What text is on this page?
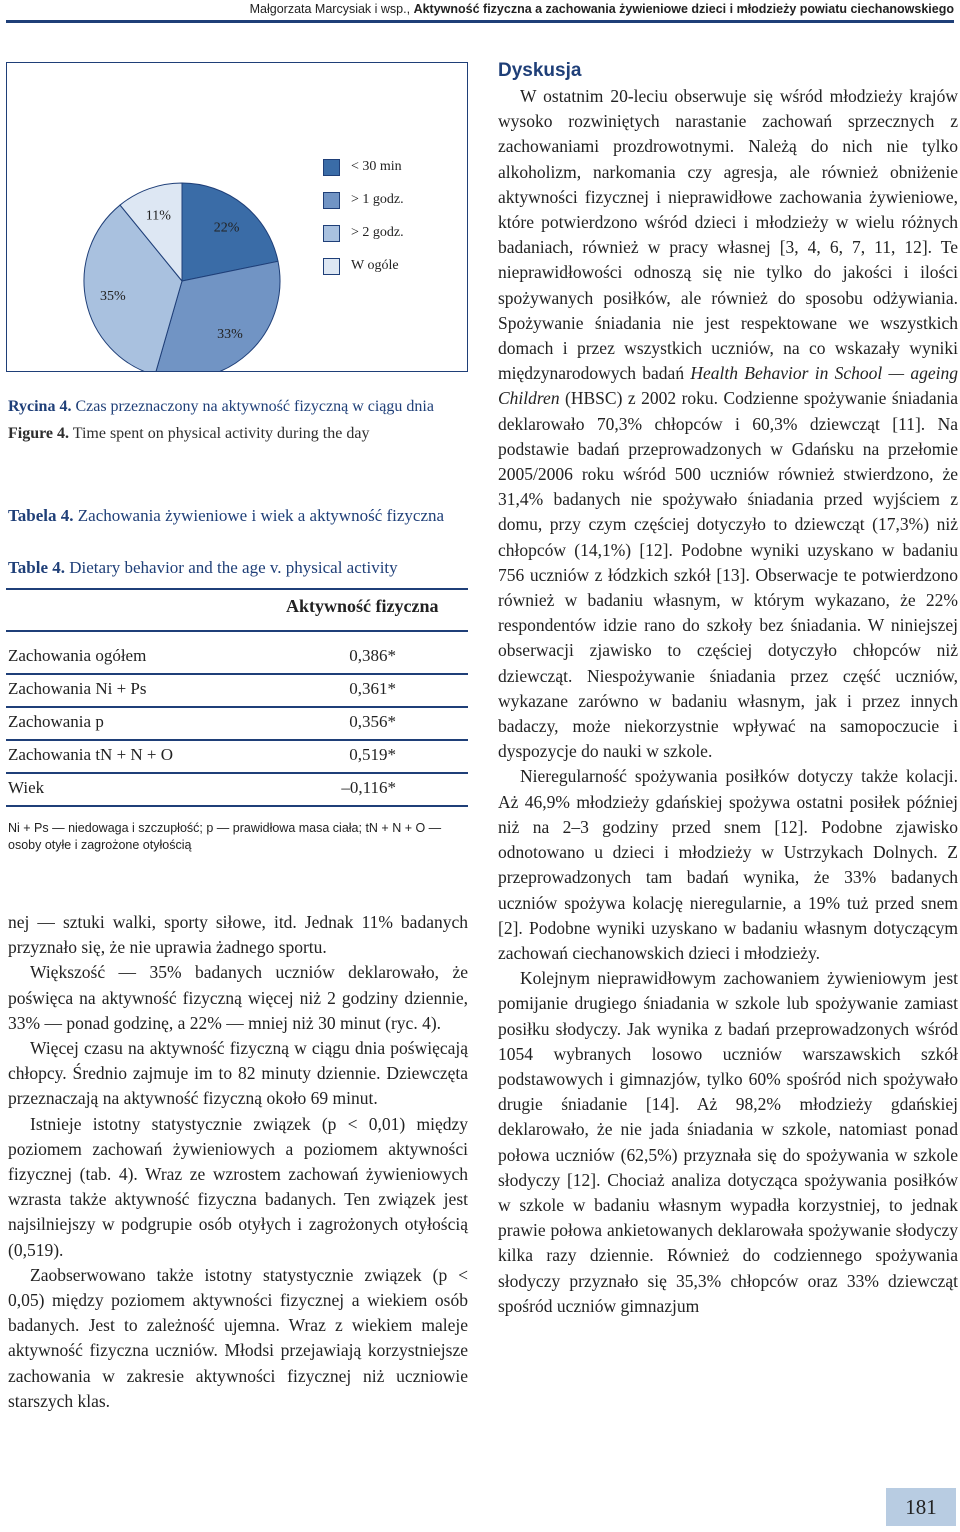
Małgorzata Marcysiak i wsp., Aktywność fizyczna a zachowania żywieniowe dzieci i młodzieży powiatu ciechanowskiego
22%
33%
35%
11%
< 30 min
> 1 godz.
> 2 godz.
W ogóle
Rycina 4. Czas przeznaczony na aktywność fizyczną w ciągu dnia
Figure 4. Time spent on physical activity during the day
Tabela 4. Zachowania żywieniowe i wiek a aktywność fizyczna
Table 4. Dietary behavior and the age v. physical activity
Aktywność fizyczna
Zachowania ogółem	0,386*
Zachowania Ni + Ps	0,361*
Zachowania p	0,356*
Zachowania tN + N + O	0,519*
Wiek	–0,116*
Ni + Ps — niedowaga i szczupłość; p — prawidłowa masa ciała; tN + N + O — osoby otyłe i zagrożone otyłością

nej — sztuki walki, sporty siłowe, itd. Jednak 11% badanych przyznało się, że nie uprawia żadnego sportu.

Większość — 35% badanych uczniów deklarowało, że poświęca na aktywność fizyczną więcej niż 2 godziny dziennie, 33% — ponad godzinę, a 22% — mniej niż 30 minut (ryc. 4).

Więcej czasu na aktywność fizyczną w ciągu dnia poświęcają chłopcy. Średnio zajmuje im to 82 minuty dziennie. Dziewczęta przeznaczają na aktywność fizyczną około 69 minut.

Istnieje istotny statystycznie związek (p < 0,01) między poziomem zachowań żywieniowych a poziomem aktywności fizycznej (tab. 4). Wraz ze wzrostem zachowań żywieniowych wzrasta także aktywność fizyczna badanych. Ten związek jest najsilniejszy w podgrupie osób otyłych i zagrożonych otyłością (0,519).

Zaobserwowano także istotny statystycznie związek (p < 0,05) między poziomem aktywności fizycznej a wiekiem osób badanych. Jest to zależność ujemna. Wraz z wiekiem maleje aktywność fizyczna uczniów. Młodsi przejawiają korzystniejsze zachowania w zakresie aktywności fizycznej niż uczniowie starszych klas.

Dyskusja

W ostatnim 20-leciu obserwuje się wśród młodzieży krajów wysoko rozwiniętych narastanie zachowań sprzecznych z zachowaniami prozdrowotnymi. Należą do nich nie tylko alkoholizm, narkomania czy agresja, ale również obniżenie aktywności fizycznej i nieprawidłowe zachowania żywieniowe, które potwierdzono wśród dzieci i młodzieży w wielu różnych badaniach, również w pracy własnej [3, 4, 6, 7, 11, 12]. Te nieprawidłowości odnoszą się nie tylko do jakości i ilości spożywanych posiłków, ale również do sposobu odżywiania. Spożywanie śniadania nie jest respektowane we wszystkich domach i przez wszystkich uczniów, na co wskazały wyniki międzynarodowych badań Health Behavior in School — ageing Children (HBSC) z 2002 roku. Codzienne spożywanie śniadania deklarowało 70,3% chłopców i 60,3% dziewcząt [11]. Na podstawie badań przeprowadzonych w Gdańsku na przełomie 2005/2006 roku wśród 500 uczniów również stwierdzono, że 31,4% badanych nie spożywało śniadania przed wyjściem z domu, przy czym częściej dotyczyło to dziewcząt (17,3%) niż chłopców (14,1%) [12]. Podobne wyniki uzyskano w badaniu 756 uczniów z łódzkich szkół [13]. Obserwacje te potwierdzono również w badaniu własnym, w którym wykazano, że 22% respondentów idzie rano do szkoły bez śniadania. W niniejszej obserwacji zjawisko to częściej dotyczyło chłopców niż dziewcząt. Niespożywanie śniadania przez część uczniów, wykazane zarówno w badaniu własnym, jak i przez innych badaczy, może niekorzystnie wpływać na samopoczucie i dyspozycje do nauki w szkole.

Nieregularność spożywania posiłków dotyczy także kolacji. Aż 46,9% młodzieży gdańskiej spożywa ostatni posiłek później niż na 2–3 godziny przed snem [12]. Podobne zjawisko odnotowano u dzieci i młodzieży w Ustrzykach Dolnych. Z przeprowadzonych tam badań wynika, że 33% badanych uczniów spożywa kolację nieregularnie, a 19% tuż przed snem [2]. Podobne wyniki uzyskano w badaniu własnym dotyczącym zachowań ciechanowskich dzieci i młodzieży.

Kolejnym nieprawidłowym zachowaniem żywieniowym jest pomijanie drugiego śniadania w szkole lub spożywanie zamiast posiłku słodyczy. Jak wynika z badań przeprowadzonych wśród 1054 wybranych losowo uczniów warszawskich szkół podstawowych i gimnazjów, tylko 60% spośród nich spożywało drugie śniadanie [14]. Aż 98,2% młodzieży gdańskiej deklarowało, że nie jada śniadania w szkole, natomiast ponad połowa uczniów (62,5%) przyznała się do spożywania w szkole słodyczy [12]. Chociaż analiza dotycząca spożywania posiłków w szkole w badaniu własnym wypadła korzystniej, to jednak prawie połowa ankietowanych deklarowała spożywanie słodyczy kilka razy dziennie. Również do codziennego spożywania słodyczy przyznało się 35,3% chłopców oraz 33% dziewcząt spośród uczniów gimnazjum

181
